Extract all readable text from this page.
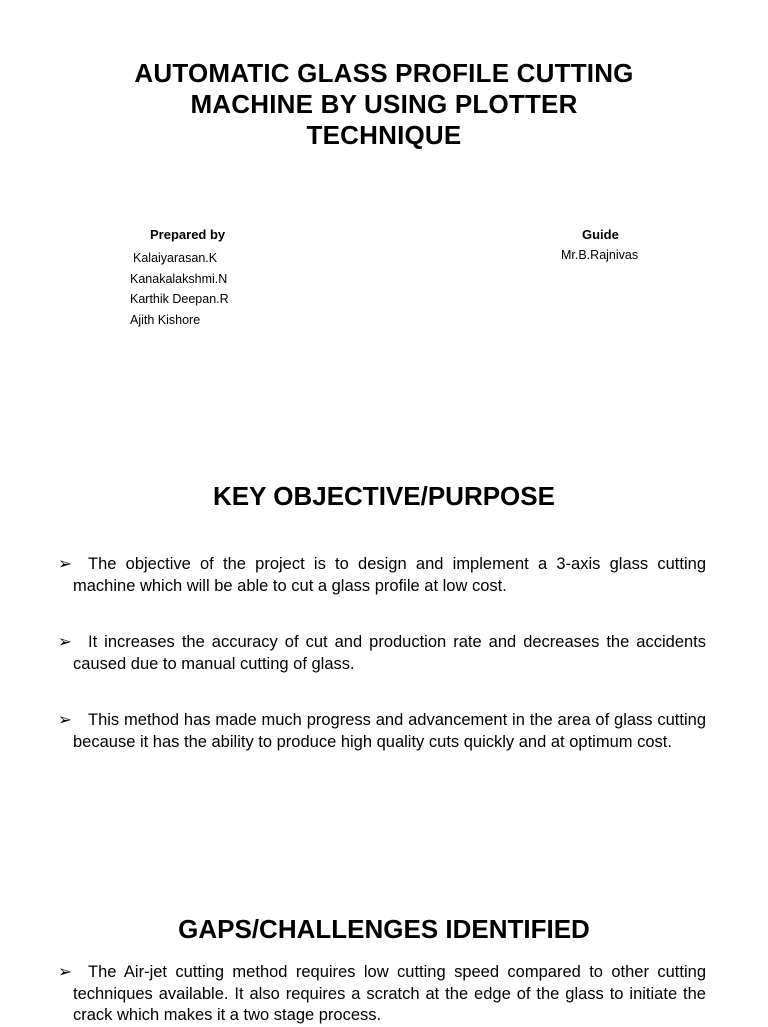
AUTOMATIC GLASS PROFILE CUTTING
MACHINE BY USING PLOTTER
TECHNIQUE
Prepared by
Kalaiyarasan.K
Kanakalakshmi.N
Karthik Deepan.R
Ajith Kishore
Guide
Mr.B.Rajnivas
KEY OBJECTIVE/PURPOSE
➢ The objective of the project is to design and implement a 3-axis glass cutting machine which will be able to cut a glass profile at low cost.
➢ It increases the accuracy of cut and production rate and decreases the accidents caused due to manual cutting of glass.
➢ This method has made much progress and advancement in the area of glass cutting because it has the ability to produce high quality cuts quickly and at optimum cost.
GAPS/CHALLENGES IDENTIFIED
➢ The Air-jet cutting method requires low cutting speed compared to other cutting techniques available. It also requires a scratch at the edge of the glass to initiate the crack which makes it a two stage process.
